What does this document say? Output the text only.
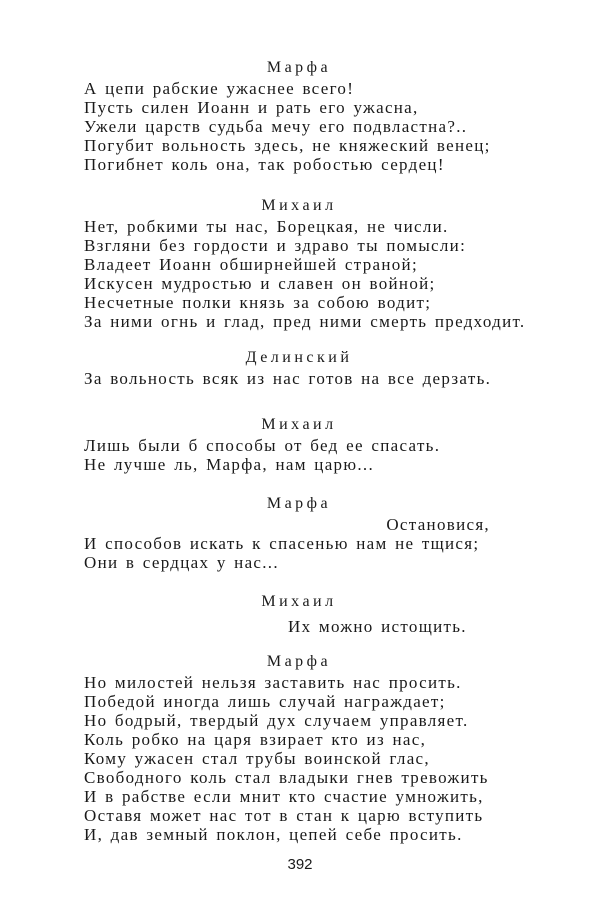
Марфа
А цепи рабские ужаснее всего!
Пусть силен Иоанн и рать его ужасна,
Ужели царств судьба мечу его подвластна?..
Погубит вольность здесь, не княжеский венец;
Погибнет коль она, так робостью сердец!
Михаил
Нет, робкими ты нас, Борецкая, не числи.
Взгляни без гордости и здраво ты помысли:
Владеет Иоанн обширнейшей страной;
Искусен мудростью и славен он войной;
Несчетные полки князь за собою водит;
За ними огнь и глад, пред ними смерть предходит.
Делинский
За вольность всяк из нас готов на все дерзать.
Михаил
Лишь были б способы от бед ее спасать.
Не лучше ль, Марфа, нам царю...
Марфа
Остановися,
И способов искать к спасенью нам не тщися;
Они в сердцах у нас...
Михаил
Их можно истощить.
Марфа
Но милостей нельзя заставить нас просить.
Победой иногда лишь случай награждает;
Но бодрый, твердый дух случаем управляет.
Коль робко на царя взирает кто из нас,
Кому ужасен стал трубы воинской глас,
Свободного коль стал владыки гнев тревожить
И в рабстве если мнит кто счастие умножить,
Оставя может нас тот в стан к царю вступить
И, дав земный поклон, цепей себе просить.
392
